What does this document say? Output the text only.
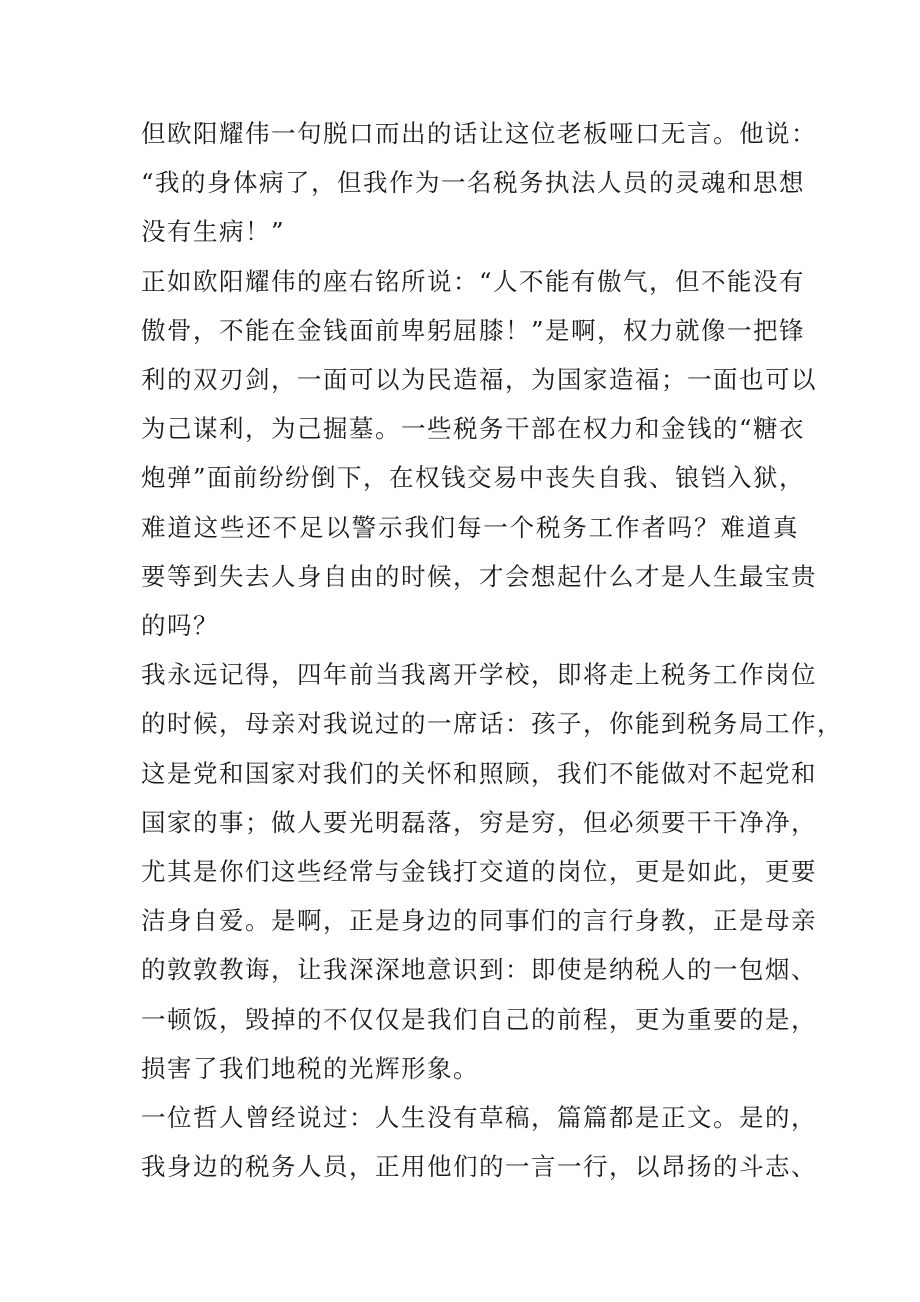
但欧阳耀伟一句脱口而出的话让这位老板哑口无言。他说：
“我的身体病了，但我作为一名税务执法人员的灵魂和思想
没有生病！”

正如欧阳耀伟的座右铭所说：“人不能有傲气，但不能没有
傲骨，不能在金钱面前卑躬屈膝！”是啊，权力就像一把锋
利的双刃剑，一面可以为民造福，为国家造福；一面也可以
为己谋利，为己掘墓。一些税务干部在权力和金钱的“糖衣
炮弹”面前纷纷倒下，在权钱交易中丧失自我、锒铛入狱，
难道这些还不足以警示我们每一个税务工作者吗？难道真
要等到失去人身自由的时候，才会想起什么才是人生最宝贵
的吗？

我永远记得，四年前当我离开学校，即将走上税务工作岗位
的时候，母亲对我说过的一席话：孩子，你能到税务局工作，
这是党和国家对我们的关怀和照顾，我们不能做对不起党和
国家的事；做人要光明磊落，穷是穷，但必须要干干净净，
尤其是你们这些经常与金钱打交道的岗位，更是如此，更要
洁身自爱。是啊，正是身边的同事们的言行身教，正是母亲
的敦敦教诲，让我深深地意识到：即使是纳税人的一包烟、
一顿饭，毁掉的不仅仅是我们自己的前程，更为重要的是，
损害了我们地税的光辉形象。

一位哲人曾经说过：人生没有草稿，篇篇都是正文。是的，
我身边的税务人员，正用他们的一言一行，以昂扬的斗志、
